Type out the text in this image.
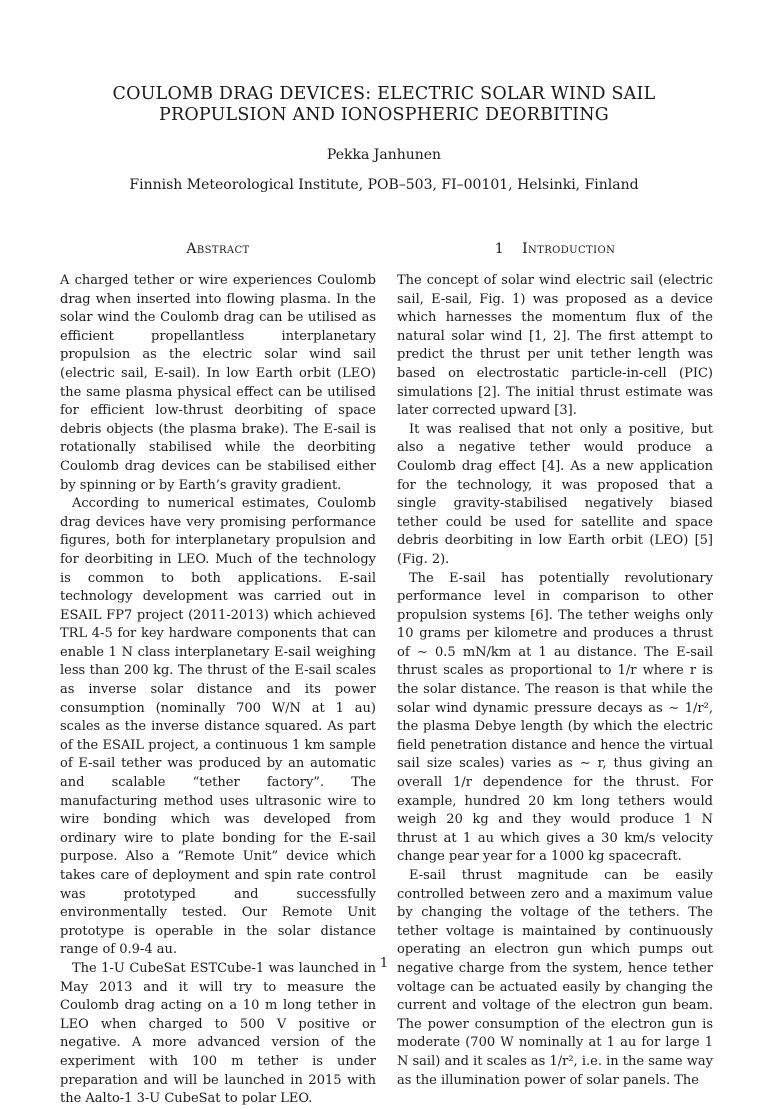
COULOMB DRAG DEVICES: ELECTRIC SOLAR WIND SAIL
PROPULSION AND IONOSPHERIC DEORBITING

Pekka Janhunen

Finnish Meteorological Institute, POB–503, FI–00101, Helsinki, Finland

Abstract

A charged tether or wire experiences Coulomb drag when inserted into flowing plasma. In the solar wind the Coulomb drag can be utilised as efficient propellantless interplanetary propulsion as the electric solar wind sail (electric sail, E-sail). In low Earth orbit (LEO) the same plasma physical effect can be utilised for efficient low-thrust deorbiting of space debris objects (the plasma brake). The E-sail is rotationally stabilised while the deorbiting Coulomb drag devices can be stabilised either by spinning or by Earth’s gravity gradient.

According to numerical estimates, Coulomb drag devices have very promising performance figures, both for interplanetary propulsion and for deorbiting in LEO. Much of the technology is common to both applications. E-sail technology development was carried out in ESAIL FP7 project (2011-2013) which achieved TRL 4-5 for key hardware components that can enable 1 N class interplanetary E-sail weighing less than 200 kg. The thrust of the E-sail scales as inverse solar distance and its power consumption (nominally 700 W/N at 1 au) scales as the inverse distance squared. As part of the ESAIL project, a continuous 1 km sample of E-sail tether was produced by an automatic and scalable “tether factory”. The manufacturing method uses ultrasonic wire to wire bonding which was developed from ordinary wire to plate bonding for the E-sail purpose. Also a “Remote Unit” device which takes care of deployment and spin rate control was prototyped and successfully environmentally tested. Our Remote Unit prototype is operable in the solar distance range of 0.9-4 au.

The 1-U CubeSat ESTCube-1 was launched in May 2013 and it will try to measure the Coulomb drag acting on a 10 m long tether in LEO when charged to 500 V positive or negative. A more advanced version of the experiment with 100 m tether is under preparation and will be launched in 2015 with the Aalto-1 3-U CubeSat to polar LEO.

1 Introduction

The concept of solar wind electric sail (electric sail, E-sail, Fig. 1) was proposed as a device which harnesses the momentum flux of the natural solar wind [1, 2]. The first attempt to predict the thrust per unit tether length was based on electrostatic particle-in-cell (PIC) simulations [2]. The initial thrust estimate was later corrected upward [3].

It was realised that not only a positive, but also a negative tether would produce a Coulomb drag effect [4]. As a new application for the technology, it was proposed that a single gravity-stabilised negatively biased tether could be used for satellite and space debris deorbiting in low Earth orbit (LEO) [5] (Fig. 2).

The E-sail has potentially revolutionary performance level in comparison to other propulsion systems [6]. The tether weighs only 10 grams per kilometre and produces a thrust of ∼ 0.5 mN/km at 1 au distance. The E-sail thrust scales as proportional to 1/r where r is the solar distance. The reason is that while the solar wind dynamic pressure decays as ∼ 1/r², the plasma Debye length (by which the electric field penetration distance and hence the virtual sail size scales) varies as ∼ r, thus giving an overall 1/r dependence for the thrust. For example, hundred 20 km long tethers would weigh 20 kg and they would produce 1 N thrust at 1 au which gives a 30 km/s velocity change pear year for a 1000 kg spacecraft.

E-sail thrust magnitude can be easily controlled between zero and a maximum value by changing the voltage of the tethers. The tether voltage is maintained by continuously operating an electron gun which pumps out negative charge from the system, hence tether voltage can be actuated easily by changing the current and voltage of the electron gun beam. The power consumption of the electron gun is moderate (700 W nominally at 1 au for large 1 N sail) and it scales as 1/r², i.e. in the same way as the illumination power of solar panels. The

1
